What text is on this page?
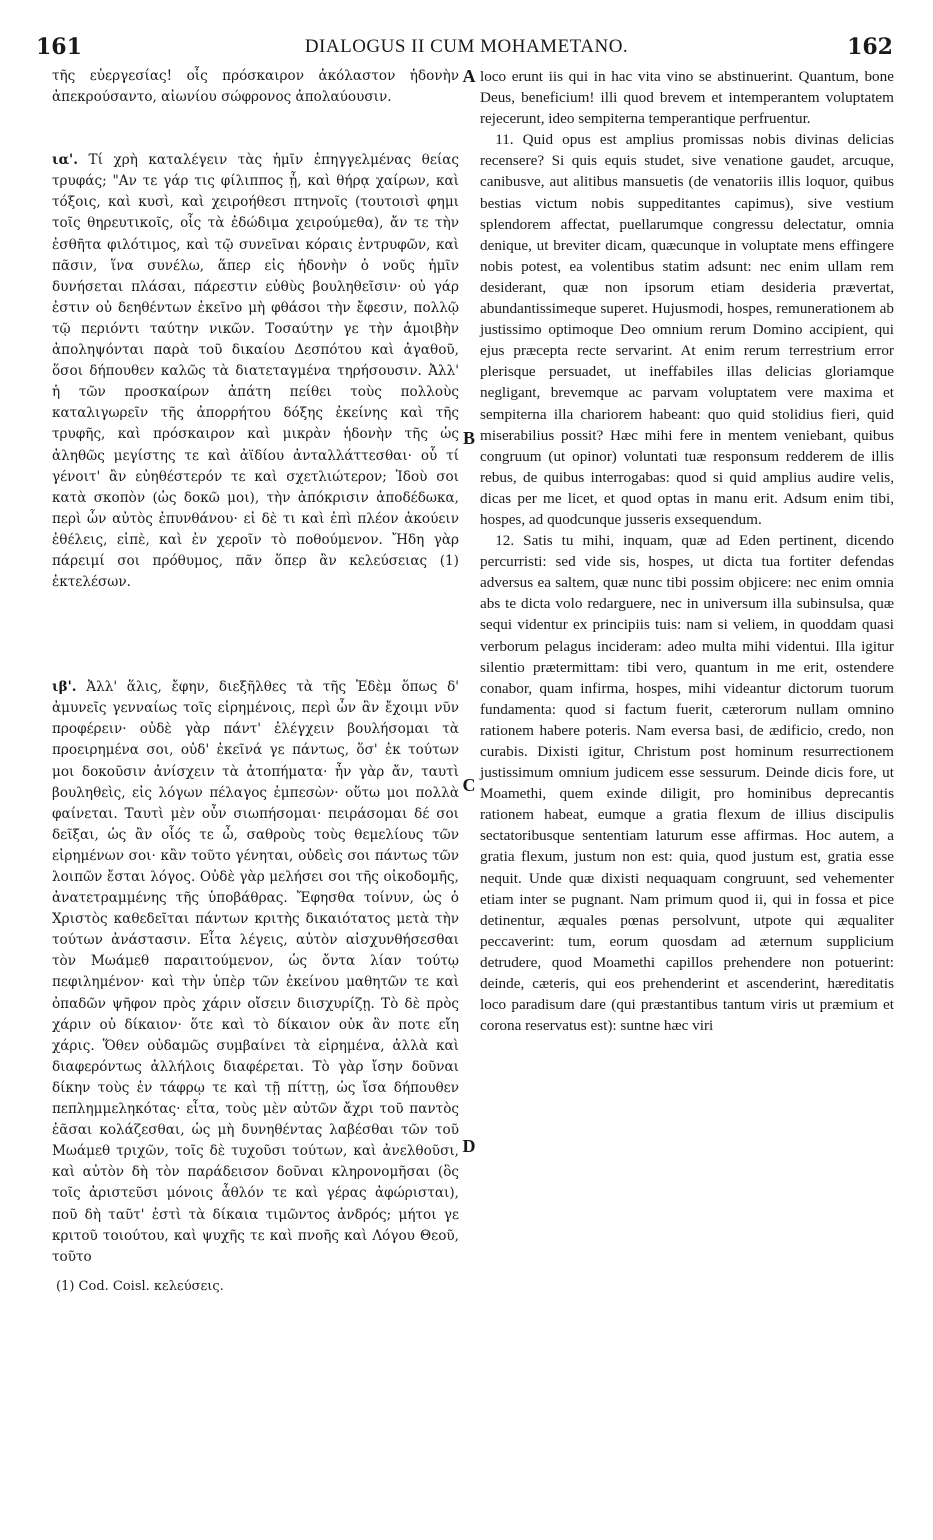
161	DIALOGUS II CUM MOHAMETANO.	162
A
B
C
D

τῆς εὐεργεσίας! οἷς πρόσκαιρον ἀκόλαστον ἡδονὴν ἀπεκρούσαντο, αἰωνίου σώφρονος ἀπολαύουσιν.

ια'. Τί χρὴ καταλέγειν τὰς ἡμῖν ἐπηγγελμένας θείας τρυφάς; "Αν τε γάρ τις φίλιππος ᾖ, καὶ θήρᾳ χαίρων, καὶ τόξοις, καὶ κυσὶ, καὶ χειροήθεσι πτηνοῖς (τουτοισὶ φημι τοῖς θηρευτικοῖς, οἷς τὰ ἐδώδιμα χειρούμεθα), ἄν τε τὴν ἐσθῆτα φιλότιμος, καὶ τῷ συνεῖναι κόραις ἐντρυφῶν, καὶ πᾶσιν, ἵνα συνέλω, ἅπερ εἰς ἡδονὴν ὁ νοῦς ἡμῖν δυνήσεται πλάσαι, πάρεστιν εὐθὺς βουληθεῖσιν· οὐ γάρ ἐστιν οὐ δεηθέντων ἐκεῖνο μὴ φθάσοι τὴν ἔφεσιν, πολλῷ τῷ περιόντι ταύτην νικῶν. Τοσαύτην γε τὴν ἀμοιβὴν ἀποληψόνται παρὰ τοῦ δικαίου Δεσπότου καὶ ἀγαθοῦ, ὅσοι δήπουθεν καλῶς τὰ διατεταγμένα τηρήσουσιν. Ἀλλ' ἡ τῶν προσκαίρων ἀπάτη πείθει τοὺς πολλοὺς καταλιγωρεῖν τῆς ἀπορρήτου δόξης ἐκείνης καὶ τῆς τρυφῆς, καὶ πρόσκαιρον καὶ μικρὰν ἡδονὴν τῆς ὡς ἀληθῶς μεγίστης τε καὶ ἀϊδίου ἀνταλλάττεσθαι· οὗ τί γένοιτ' ἂν εὐηθέστερόν τε καὶ σχετλιώτερον; Ἰδοὺ σοι κατὰ σκοπὸν (ὡς δοκῶ μοι), τὴν ἀπόκρισιν ἀποδέδωκα, περὶ ὧν αὐτὸς ἐπυνθάνου· εἰ δὲ τι καὶ ἐπὶ πλέον ἀκούειν ἐθέλεις, εἰπὲ, καὶ ἐν χεροῖν τὸ ποθούμενον. Ἤδη γὰρ πάρειμί σοι πρόθυμος, πᾶν ὅπερ ἂν κελεύσειας (1) ἐκτελέσων.

ιβ'. Ἀλλ' ἅλις, ἔφην, διεξῆλθες τὰ τῆς Ἐδὲμ ὅπως δ' ἀμυνεῖς γενναίως τοῖς εἰρημένοις, περὶ ὧν ἂν ἔχοιμι νῦν προφέρειν· οὐδὲ γὰρ πάντ' ἐλέγχειν βουλήσομαι τὰ προειρημένα σοι, οὐδ' ἐκεῖνά γε πάντως, ὅσ' ἐκ τούτων μοι δοκοῦσιν ἀνίσχειν τὰ ἀτοπήματα· ἦν γὰρ ἄν, ταυτὶ βουληθεὶς, εἰς λόγων πέλαγος ἐμπεσὼν· οὕτω μοι πολλὰ φαίνεται. Ταυτὶ μὲν οὖν σιωπήσομαι· πειράσομαι δέ σοι δεῖξαι, ὡς ἂν οἷός τε ὦ, σαθροὺς τοὺς θεμελίους τῶν εἰρημένων σοι· κἂν τοῦτο γένηται, οὐδεὶς σοι πάντως τῶν λοιπῶν ἔσται λόγος. Οὐδὲ γὰρ μελήσει σοι τῆς οἰκοδομῆς, ἀνατετραμμένης τῆς ὑποβάθρας. Ἔφησθα τοίνυν, ὡς ὁ Χριστὸς καθεδεῖται πάντων κριτὴς δικαιότατος μετὰ τὴν τούτων ἀνάστασιν. Εἶτα λέγεις, αὐτὸν αἰσχυνθήσεσθαι τὸν Μωάμεθ παραιτούμενον, ὡς ὄντα λίαν τούτῳ πεφιλημένον· καὶ τὴν ὑπὲρ τῶν ἐκείνου μαθητῶν τε καὶ ὀπαδῶν ψῆφον πρὸς χάριν οἴσειν διισχυρίζῃ. Τὸ δὲ πρὸς χάριν οὐ δίκαιον· ὅτε καὶ τὸ δίκαιον οὐκ ἂν ποτε εἴη χάρις. Ὅθεν οὐδαμῶς συμβαίνει τὰ εἰρημένα, ἀλλὰ καὶ διαφερόντως ἀλλήλοις διαφέρεται. Τὸ γὰρ ἴσην δοῦναι δίκην τοὺς ἐν τάφρῳ τε καὶ τῇ πίττῃ, ὡς ἴσα δήπουθεν πεπλημμεληκότας· εἶτα, τοὺς μὲν αὐτῶν ἄχρι τοῦ παντὸς ἐᾶσαι κολάζεσθαι, ὡς μὴ δυνηθέντας λαβέσθαι τῶν τοῦ Μωάμεθ τριχῶν, τοῖς δὲ τυχοῦσι τούτων, καὶ ἀνελθοῦσι, καὶ αὐτὸν δὴ τὸν παράδεισον δοῦναι κληρονομῆσαι (ὃς τοῖς ἀριστεῦσι μόνοις ἆθλόν τε καὶ γέρας ἀφώρισται), ποῦ δὴ ταῦτ' ἐστὶ τὰ δίκαια τιμῶντος ἀνδρός; μήτοι γε κριτοῦ τοιούτου, καὶ ψυχῆς τε καὶ πνοῆς καὶ Λόγου Θεοῦ, τοῦτο

(1) Cod. Coisl. κελεύσεις.

loco erunt iis qui in hac vita vino se abstinuerint. Quantum, bone Deus, beneficium! illi quod brevem et intemperantem voluptatem rejecerunt, ideo sempiterna temperantique perfruentur.

 11. Quid opus est amplius promissas nobis divinas delicias recensere? Si quis equis studet, sive venatione gaudet, arcuque, canibusve, aut alitibus mansuetis (de venatoriis illis loquor, quibus bestias victum nobis suppeditantes capimus), sive vestium splendorem affectat, puellarumque congressu delectatur, omnia denique, ut breviter dicam, quæcunque in voluptate mens effingere nobis potest, ea volentibus statim adsunt: nec enim ullam rem desiderant, quæ non ipsorum etiam desideria prævertat, abundantissimeque superet. Hujusmodi, hospes, remunerationem ab justissimo optimoque Deo omnium rerum Domino accipient, qui ejus præcepta recte servarint. At enim rerum terrestrium error plerisque persuadet, ut ineffabiles illas delicias gloriamque negligant, brevemque ac parvam voluptatem vere maxima et sempiterna illa chariorem habeant: quo quid stolidius fieri, quid miserabilius possit? Hæc mihi fere in mentem veniebant, quibus congruum (ut opinor) voluntati tuæ responsum redderem de illis rebus, de quibus interrogabas: quod si quid amplius audire velis, dicas per me licet, et quod optas in manu erit. Adsum enim tibi, hospes, ad quodcunque jusseris exsequendum.

 12. Satis tu mihi, inquam, quæ ad Eden pertinent, dicendo percurristi: sed vide sis, hospes, ut dicta tua fortiter defendas adversus ea saltem, quæ nunc tibi possim objicere: nec enim omnia abs te dicta volo redarguere, nec in universum illa subinsulsa, quæ sequi videntur ex principiis tuis: nam si veliem, in quoddam quasi verborum pelagus incideram: adeo multa mihi videntui. Illa igitur silentio prætermittam: tibi vero, quantum in me erit, ostendere conabor, quam infirma, hospes, mihi videantur dictorum tuorum fundamenta: quod si factum fuerit, cæterorum nullam omnino rationem habere poteris. Nam eversa basi, de ædificio, credo, non curabis. Dixisti igitur, Christum post hominum resurrectionem justissimum omnium judicem esse sessurum. Deinde dicis fore, ut Moamethi, quem exinde diligit, pro hominibus deprecantis rationem habeat, eumque a gratia flexum de illius discipulis sectatoribusque sententiam laturum esse affirmas. Hoc autem, a gratia flexum, justum non est: quia, quod justum est, gratia esse nequit. Unde quæ dixisti nequaquam congruunt, sed vehementer etiam inter se pugnant. Nam primum quod ii, qui in fossa et pice detinentur, æquales pœnas persolvunt, utpote qui æqualiter peccaverint: tum, eorum quosdam ad æternum supplicium detrudere, quod Moamethi capillos prehendere non potuerint: deinde, cæteris, qui eos prehenderint et ascenderint, hæreditatis loco paradisum dare (qui præstantibus tantum viris ut præmium et corona reservatus est): suntne hæc viri
